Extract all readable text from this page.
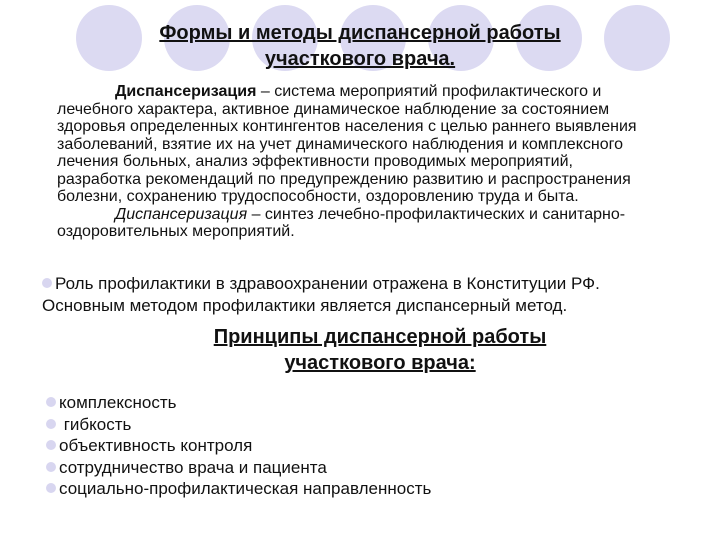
Формы и методы диспансерной работы
участкового врача.
Диспансеризация – система мероприятий профилактического и
лечебного характера, активное динамическое наблюдение за состоянием
здоровья определенных контингентов населения с целью раннего выявления
заболеваний, взятие их на учет динамического наблюдения и комплексного
лечения больных, анализ эффективности проводимых мероприятий,
разработка рекомендаций по предупреждению развитию и распространения
болезни, сохранению трудоспособности, оздоровлению труда и быта.
Диспансеризация – синтез лечебно-профилактических и санитарно-
оздоровительных мероприятий.
Роль профилактики в здравоохранении отражена в Конституции РФ.
Основным методом профилактики является диспансерный метод.
Принципы диспансерной работы
участкового врача:
комплексность
гибкость
объективность контроля
сотрудничество врача и пациента
социально-профилактическая направленность
